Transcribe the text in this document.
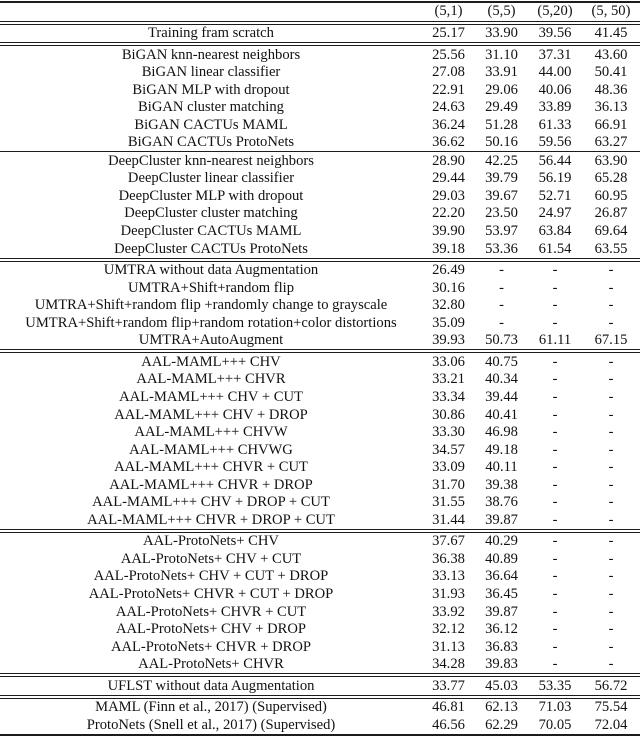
	(5,1)	(5,5)	(5,20)	(5, 50)
Training fram scratch	25.17	33.90	39.56	41.45
BiGAN knn-nearest neighbors	25.56	31.10	37.31	43.60
BiGAN linear classifier	27.08	33.91	44.00	50.41
BiGAN MLP with dropout	22.91	29.06	40.06	48.36
BiGAN cluster matching	24.63	29.49	33.89	36.13
BiGAN CACTUs MAML	36.24	51.28	61.33	66.91
BiGAN CACTUs ProtoNets	36.62	50.16	59.56	63.27
DeepCluster knn-nearest neighbors	28.90	42.25	56.44	63.90
DeepCluster linear classifier	29.44	39.79	56.19	65.28
DeepCluster MLP with dropout	29.03	39.67	52.71	60.95
DeepCluster cluster matching	22.20	23.50	24.97	26.87
DeepCluster CACTUs MAML	39.90	53.97	63.84	69.64
DeepCluster CACTUs ProtoNets	39.18	53.36	61.54	63.55
UMTRA without data Augmentation	26.49	-	-	-
UMTRA+Shift+random flip	30.16	-	-	-
UMTRA+Shift+random flip +randomly change to grayscale	32.80	-	-	-
UMTRA+Shift+random flip+random rotation+color distortions	35.09	-	-	-
UMTRA+AutoAugment	39.93	50.73	61.11	67.15
AAL-MAML+++ CHV	33.06	40.75	-	-
AAL-MAML+++ CHVR	33.21	40.34	-	-
AAL-MAML+++ CHV + CUT	33.34	39.44	-	-
AAL-MAML+++ CHV + DROP	30.86	40.41	-	-
AAL-MAML+++ CHVW	33.30	46.98	-	-
AAL-MAML+++ CHVWG	34.57	49.18	-	-
AAL-MAML+++ CHVR + CUT	33.09	40.11	-	-
AAL-MAML+++ CHVR + DROP	31.70	39.38	-	-
AAL-MAML+++ CHV + DROP + CUT	31.55	38.76	-	-
AAL-MAML+++ CHVR + DROP + CUT	31.44	39.87	-	-
AAL-ProtoNets+ CHV	37.67	40.29	-	-
AAL-ProtoNets+ CHV + CUT	36.38	40.89	-	-
AAL-ProtoNets+ CHV + CUT + DROP	33.13	36.64	-	-
AAL-ProtoNets+ CHVR + CUT + DROP	31.93	36.45	-	-
AAL-ProtoNets+ CHVR + CUT	33.92	39.87	-	-
AAL-ProtoNets+ CHV + DROP	32.12	36.12	-	-
AAL-ProtoNets+ CHVR + DROP	31.13	36.83	-	-
AAL-ProtoNets+ CHVR	34.28	39.83	-	-
UFLST without data Augmentation	33.77	45.03	53.35	56.72
MAML (Finn et al., 2017) (Supervised)	46.81	62.13	71.03	75.54
ProtoNets (Snell et al., 2017) (Supervised)	46.56	62.29	70.05	72.04
